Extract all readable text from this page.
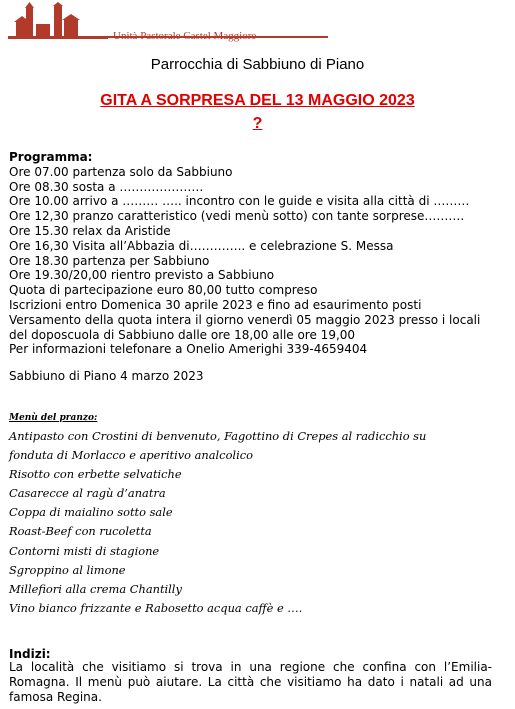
Unità Pastorale Castel Maggiore
Parrocchia di Sabbiuno di Piano
GITA A SORPRESA DEL 13 MAGGIO 2023
?
Programma:
Ore 07.00 partenza solo da Sabbiuno
Ore 08.30 sosta a …………………
Ore 10.00 arrivo a ……… ….. incontro con le guide e visita alla città di ………
Ore 12,30 pranzo caratteristico (vedi menù sotto) con tante sorprese……….
Ore 15.30 relax da Aristide
Ore 16,30 Visita all’Abbazia di………….. e celebrazione S. Messa
Ore 18.30 partenza per Sabbiuno
Ore 19.30/20,00 rientro previsto a Sabbiuno
Quota di partecipazione euro 80,00 tutto compreso
Iscrizioni entro Domenica 30 aprile 2023 e fino ad esaurimento posti
Versamento della quota intera il giorno venerdì 05 maggio 2023 presso i locali
del doposcuola di Sabbiuno dalle ore 18,00 alle ore 19,00
Per informazioni telefonare a Onelio Amerighi 339-4659404
Sabbiuno di Piano 4 marzo 2023
Menù del pranzo:
Antipasto con Crostini di benvenuto, Fagottino di Crepes al radicchio su
fonduta di Morlacco e aperitivo analcolico
Risotto con erbette selvatiche
Casarecce al ragù d’anatra
Coppa di maialino sotto sale
Roast-Beef con rucoletta
Contorni misti di stagione
Sgroppino al limone
Millefiori alla crema Chantilly
Vino bianco frizzante e Rabosetto acqua caffè e ….
Indizi:
La località che visitiamo si trova in una regione che confina con l’Emilia-Romagna. Il menù può aiutare. La città che visitiamo ha dato i natali ad una famosa Regina.
